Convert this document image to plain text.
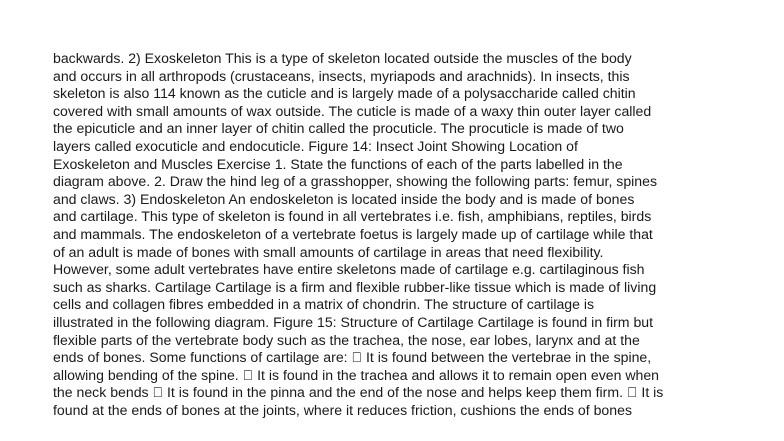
backwards. 2) Exoskeleton This is a type of skeleton located outside the muscles of the body
and occurs in all arthropods (crustaceans, insects, myriapods and arachnids). In insects, this
skeleton is also 114 known as the cuticle and is largely made of a polysaccharide called chitin
covered with small amounts of wax outside. The cuticle is made of a waxy thin outer layer called
the epicuticle and an inner layer of chitin called the procuticle. The procuticle is made of two
layers called exocuticle and endocuticle. Figure 14: Insect Joint Showing Location of
Exoskeleton and Muscles Exercise 1. State the functions of each of the parts labelled in the
diagram above. 2. Draw the hind leg of a grasshopper, showing the following parts: femur, spines
and claws. 3) Endoskeleton An endoskeleton is located inside the body and is made of bones
and cartilage. This type of skeleton is found in all vertebrates i.e. fish, amphibians, reptiles, birds
and mammals. The endoskeleton of a vertebrate foetus is largely made up of cartilage while that
of an adult is made of bones with small amounts of cartilage in areas that need flexibility.
However, some adult vertebrates have entire skeletons made of cartilage e.g. cartilaginous fish
such as sharks. Cartilage Cartilage is a firm and flexible rubber-like tissue which is made of living
cells and collagen fibres embedded in a matrix of chondrin. The structure of cartilage is
illustrated in the following diagram. Figure 15: Structure of Cartilage Cartilage is found in firm but
flexible parts of the vertebrate body such as the trachea, the nose, ear lobes, larynx and at the
ends of bones. Some functions of cartilage are: It is found between the vertebrae in the spine,
allowing bending of the spine. It is found in the trachea and allows it to remain open even when
the neck bends It is found in the pinna and the end of the nose and helps keep them firm. It is
found at the ends of bones at the joints, where it reduces friction, cushions the ends of bones
